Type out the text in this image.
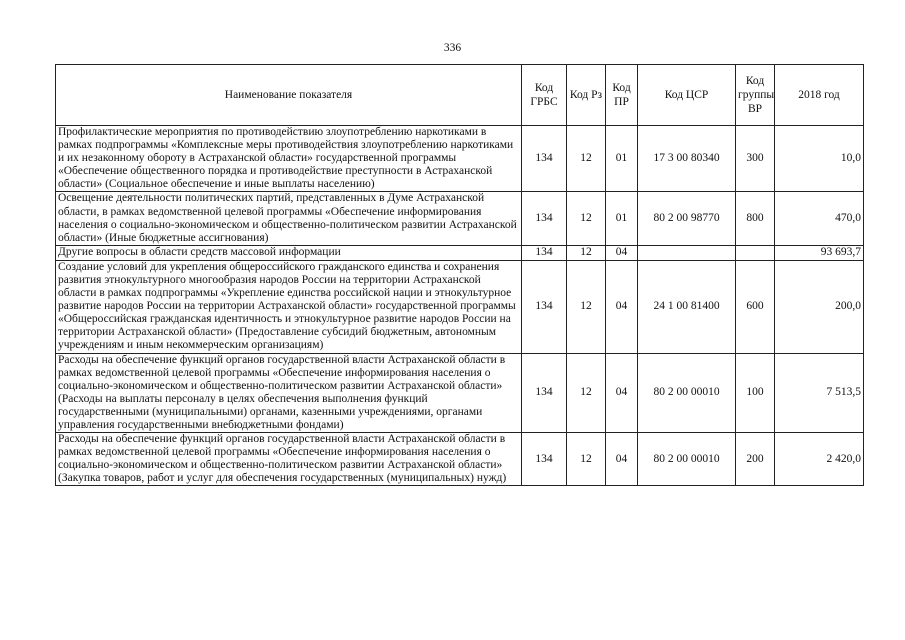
336
Наименование показателя	Код ГРБС	Код Рз	Код ПР	Код ЦСР	Код группы ВР	2018 год
Профилактические мероприятия по противодействию злоупотреблению наркотиками в рамках подпрограммы «Комплексные меры противодействия злоупотреблению наркотиками и их незаконному обороту в Астраханской области» государственной программы «Обеспечение общественного порядка и противодействие преступности в Астраханской области» (Социальное обеспечение и иные выплаты населению)	134	12	01	17 3 00 80340	300	10,0
Освещение деятельности политических партий, представленных в Думе Астраханской области, в рамках ведомственной целевой программы «Обеспечение информирования населения о социально-экономическом и общественно-политическом развитии Астраханской области» (Иные бюджетные ассигнования)	134	12	01	80 2 00 98770	800	470,0
Другие вопросы в области средств массовой информации	134	12	04			93 693,7
Создание условий для укрепления общероссийского гражданского единства и сохранения развития этнокультурного многообразия народов России на территории Астраханской области в рамках подпрограммы «Укрепление единства российской нации и этнокультурное развитие народов России на территории Астраханской области» государственной программы «Общероссийская гражданская идентичность и этнокультурное развитие народов России на территории Астраханской области» (Предоставление субсидий бюджетным, автономным учреждениям и иным некоммерческим организациям)	134	12	04	24 1 00 81400	600	200,0
Расходы на обеспечение функций органов государственной власти Астраханской области в рамках ведомственной целевой программы «Обеспечение информирования населения о социально-экономическом и общественно-политическом развитии Астраханской области» (Расходы на выплаты персоналу в целях обеспечения выполнения функций государственными (муниципальными) органами, казенными учреждениями, органами управления государственными внебюджетными фондами)	134	12	04	80 2 00 00010	100	7 513,5
Расходы на обеспечение функций органов государственной власти Астраханской области в рамках ведомственной целевой программы «Обеспечение информирования населения о социально-экономическом и общественно-политическом развитии Астраханской области» (Закупка товаров, работ и услуг для обеспечения государственных (муниципальных) нужд)	134	12	04	80 2 00 00010	200	2 420,0
